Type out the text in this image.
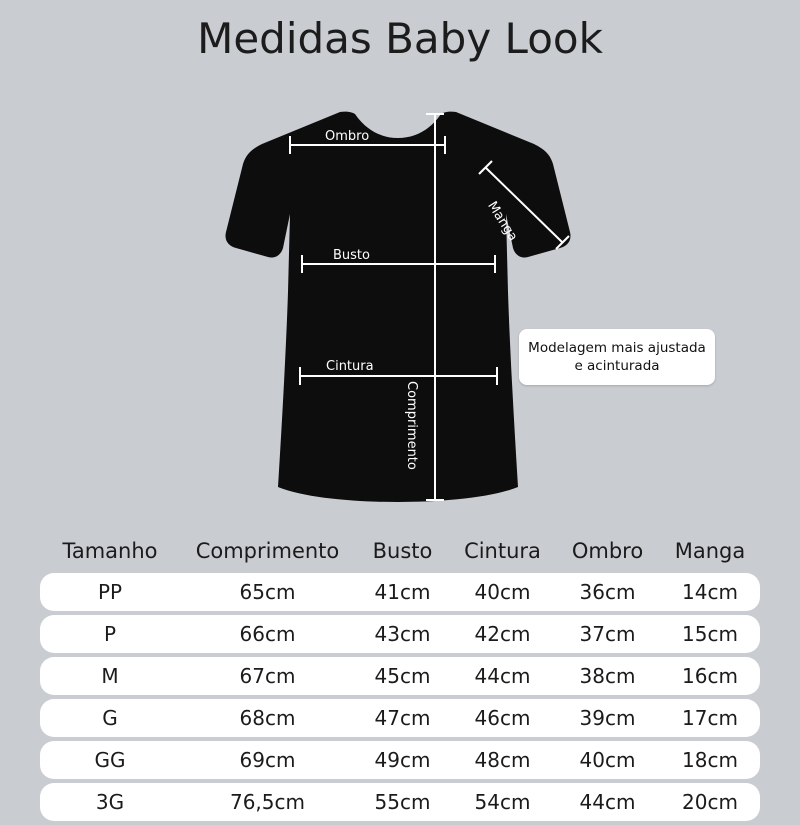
Medidas Baby Look
Ombro
Busto
Cintura
Manga
Comprimento
Modelagem mais ajustada e acinturada
Tamanho	Comprimento	Busto	Cintura	Ombro	Manga
PP	65cm	41cm	40cm	36cm	14cm
P	66cm	43cm	42cm	37cm	15cm
M	67cm	45cm	44cm	38cm	16cm
G	68cm	47cm	46cm	39cm	17cm
GG	69cm	49cm	48cm	40cm	18cm
3G	76,5cm	55cm	54cm	44cm	20cm
